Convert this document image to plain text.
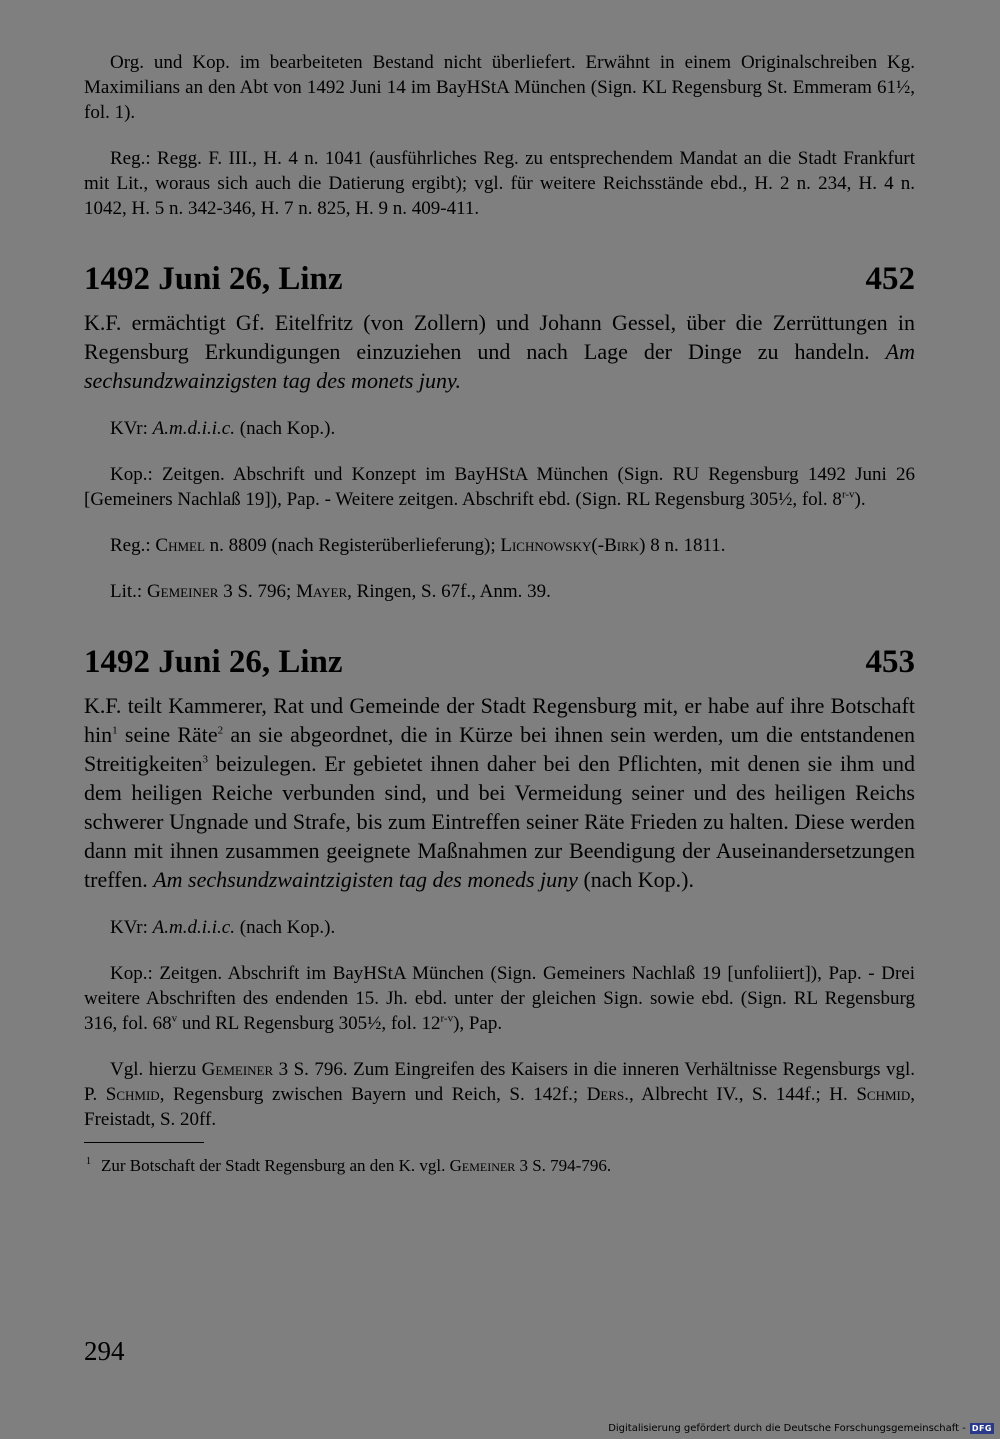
Org. und Kop. im bearbeiteten Bestand nicht überliefert. Erwähnt in einem Originalschreiben Kg. Maximilians an den Abt von 1492 Juni 14 im BayHStA München (Sign. KL Regensburg St. Emmeram 61½, fol. 1).

Reg.: Regg. F. III., H. 4 n. 1041 (ausführliches Reg. zu entsprechendem Mandat an die Stadt Frankfurt mit Lit., woraus sich auch die Datierung ergibt); vgl. für weitere Reichsstände ebd., H. 2 n. 234, H. 4 n. 1042, H. 5 n. 342-346, H. 7 n. 825, H. 9 n. 409-411.

1492 Juni 26, Linz	452

K.F. ermächtigt Gf. Eitelfritz (von Zollern) und Johann Gessel, über die Zerrüttungen in Regensburg Erkundigungen einzuziehen und nach Lage der Dinge zu handeln. Am sechsundzwainzigsten tag des monets juny.

KVr: A.m.d.i.i.c. (nach Kop.).

Kop.: Zeitgen. Abschrift und Konzept im BayHStA München (Sign. RU Regensburg 1492 Juni 26 [Gemeiners Nachlaß 19]), Pap. - Weitere zeitgen. Abschrift ebd. (Sign. RL Regensburg 305½, fol. 8$^{r-v}$).

Reg.: Chmel n. 8809 (nach Registerüberlieferung); Lichnowsky(-Birk) 8 n. 1811.

Lit.: Gemeiner 3 S. 796; Mayer, Ringen, S. 67f., Anm. 39.

1492 Juni 26, Linz	453

K.F. teilt Kammerer, Rat und Gemeinde der Stadt Regensburg mit, er habe auf ihre Botschaft hin$^1$ seine Räte$^2$ an sie abgeordnet, die in Kürze bei ihnen sein werden, um die entstandenen Streitigkeiten$^3$ beizulegen. Er gebietet ihnen daher bei den Pflichten, mit denen sie ihm und dem heiligen Reiche verbunden sind, und bei Vermeidung seiner und des heiligen Reichs schwerer Ungnade und Strafe, bis zum Eintreffen seiner Räte Frieden zu halten. Diese werden dann mit ihnen zusammen geeignete Maßnahmen zur Beendigung der Auseinandersetzungen treffen. Am sechsundzwaintzigisten tag des moneds juny (nach Kop.).

KVr: A.m.d.i.i.c. (nach Kop.).

Kop.: Zeitgen. Abschrift im BayHStA München (Sign. Gemeiners Nachlaß 19 [unfoliiert]), Pap. - Drei weitere Abschriften des endenden 15. Jh. ebd. unter der gleichen Sign. sowie ebd. (Sign. RL Regensburg 316, fol. 68$^v$ und RL Regensburg 305½, fol. 12$^{r-v}$), Pap.

Vgl. hierzu Gemeiner 3 S. 796. Zum Eingreifen des Kaisers in die inneren Verhältnisse Regensburgs vgl. P. Schmid, Regensburg zwischen Bayern und Reich, S. 142f.; Ders., Albrecht IV., S. 144f.; H. Schmid, Freistadt, S. 20ff.

$^1$ Zur Botschaft der Stadt Regensburg an den K. vgl. Gemeiner 3 S. 794-796.

294
Digitalisierung gefördert durch die Deutsche Forschungsgemeinschaft - DFG
